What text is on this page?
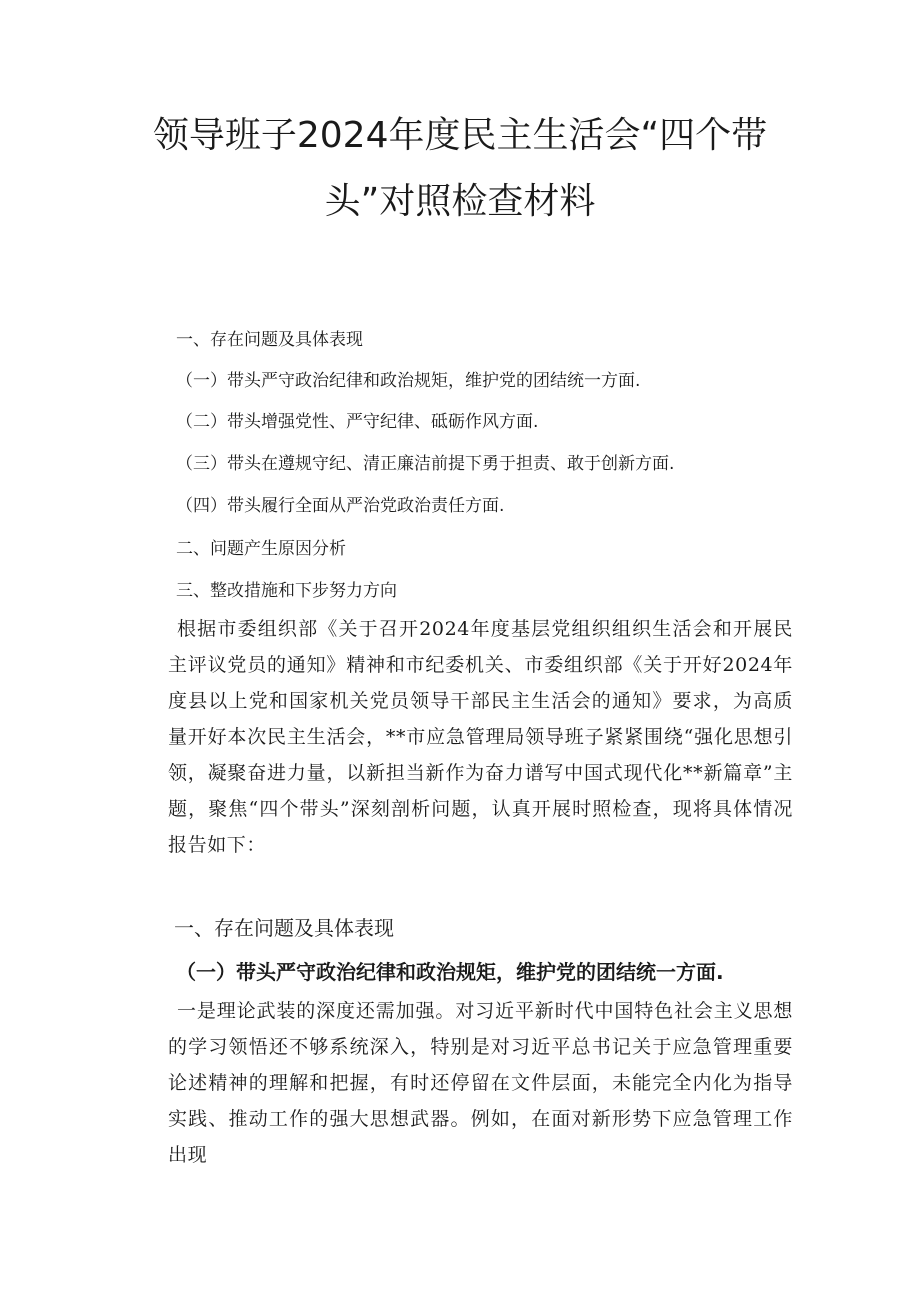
领导班子2024年度民主生活会“四个带
头”对照检查材料
一、存在问题及具体表现
（一）带头严守政治纪律和政治规矩，维护党的团结统一方面.
（二）带头增强党性、严守纪律、砥砺作风方面.
（三）带头在遵规守纪、清正廉洁前提下勇于担责、敢于创新方面.
（四）带头履行全面从严治党政治责任方面.
二、问题产生原因分析
三、整改措施和下步努力方向
根据市委组织部《关于召开2024年度基层党组织组织生活会和开展民主评议党员的通知》精神和市纪委机关、市委组织部《关于开好2024年度县以上党和国家机关党员领导干部民主生活会的通知》要求，为高质量开好本次民主生活会，**市应急管理局领导班子紧紧围绕“强化思想引领，凝聚奋进力量，以新担当新作为奋力谱写中国式现代化**新篇章”主题，聚焦“四个带头”深刻剖析问题，认真开展时照检查，现将具体情况报告如下：
一、存在问题及具体表现
（一）带头严守政治纪律和政治规矩，维护党的团结统一方面.
一是理论武装的深度还需加强。对习近平新时代中国特色社会主义思想的学习领悟还不够系统深入，特别是对习近平总书记关于应急管理重要论述精神的理解和把握，有时还停留在文件层面，未能完全内化为指导实践、推动工作的强大思想武器。例如，在面对新形势下应急管理工作出现
